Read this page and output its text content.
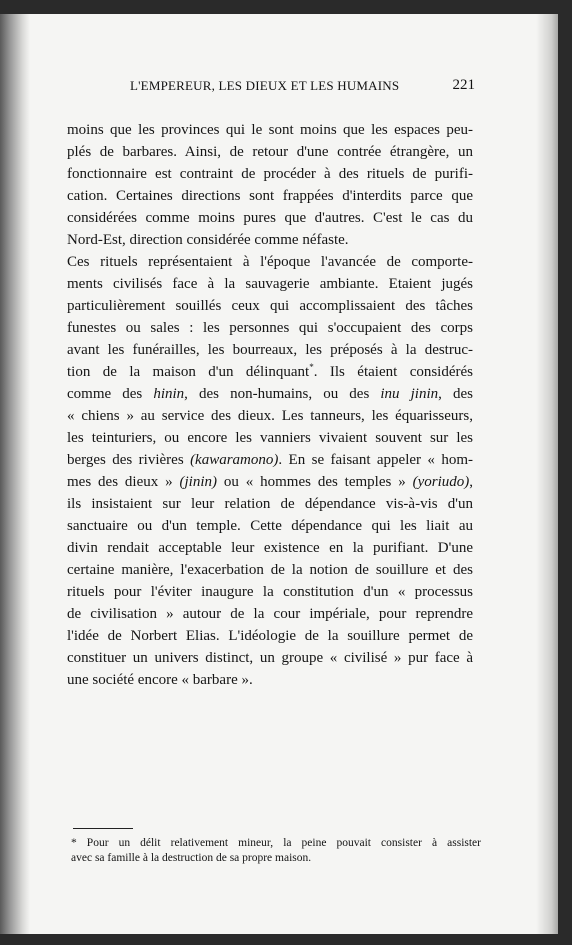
L'EMPEREUR, LES DIEUX ET LES HUMAINS	221
moins que les provinces qui le sont moins que les espaces peu-
plés de barbares. Ainsi, de retour d'une contrée étrangère, un
fonctionnaire est contraint de procéder à des rituels de purifi-
cation. Certaines directions sont frappées d'interdits parce que
considérées comme moins pures que d'autres. C'est le cas du
Nord-Est, direction considérée comme néfaste.
Ces rituels représentaient à l'époque l'avancée de comporte-
ments civilisés face à la sauvagerie ambiante. Etaient jugés
particulièrement souillés ceux qui accomplissaient des tâches
funestes ou sales : les personnes qui s'occupaient des corps
avant les funérailles, les bourreaux, les préposés à la destruc-
tion de la maison d'un délinquant*. Ils étaient considérés
comme des hinin, des non-humains, ou des inu jinin, des
« chiens » au service des dieux. Les tanneurs, les équarisseurs,
les teinturiers, ou encore les vanniers vivaient souvent sur les
berges des rivières (kawaramono). En se faisant appeler « hom-
mes des dieux » (jinin) ou « hommes des temples » (yoriudo),
ils insistaient sur leur relation de dépendance vis-à-vis d'un
sanctuaire ou d'un temple. Cette dépendance qui les liait au
divin rendait acceptable leur existence en la purifiant. D'une
certaine manière, l'exacerbation de la notion de souillure et des
rituels pour l'éviter inaugure la constitution d'un « processus
de civilisation » autour de la cour impériale, pour reprendre
l'idée de Norbert Elias. L'idéologie de la souillure permet de
constituer un univers distinct, un groupe « civilisé » pur face à
une société encore « barbare ».
* Pour un délit relativement mineur, la peine pouvait consister à assister
avec sa famille à la destruction de sa propre maison.
